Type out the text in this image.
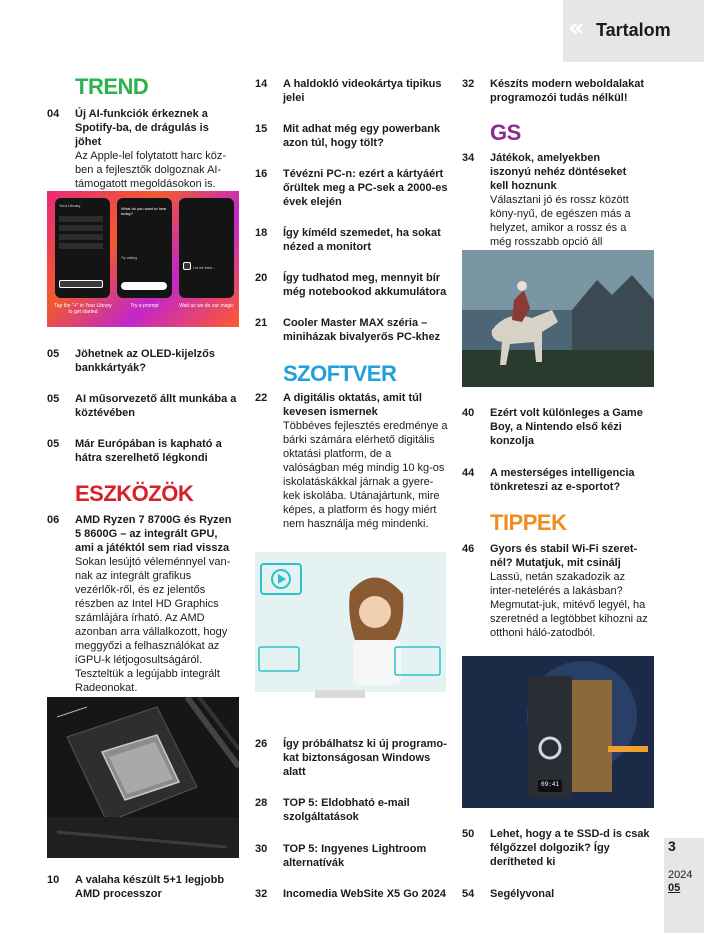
« Tartalom
TREND
ESZKÖZÖK
SZOFTVER
GS
TIPPEK
04 Új AI-funkciók érkeznek a Spotify-ba, de drágulás is jöhet
Az Apple-lel folytatott harc köz-ben a fejlesztők dolgoznak AI-támogatott megoldásokon is.
05 Jöhetnek az OLED-kijelzős bankkártyák?
05 AI műsorvezető állt munkába a köztévében
05 Már Európában is kapható a hátra szerelhető légkondi
06 AMD Ryzen 7 8700G és Ryzen 5 8600G – az integrált GPU, ami a játéktól sem riad vissza
Sokan lesújtó véleménnyel van-nak az integrált grafikus vezérlők-ről, és ez jelentős részben az Intel HD Graphics számlájára írható. Az AMD azonban arra vállalkozott, hogy meggyőzi a felhasználókat az iGPU-k létjogosultságáról. Teszteltük a legújabb integrált Radeonokat.
10 A valaha készült 5+1 legjobb AMD processzor
14 A haldokló videokártya tipikus jelei
15 Mit adhat még egy powerbank azon túl, hogy tölt?
16 Tévézni PC-n: ezért a kártyáért őrültek meg a PC-sek a 2000-es évek elején
18 Így kíméld szemedet, ha sokat nézed a monitort
20 Így tudhatod meg, mennyit bír még notebookod akkumulátora
21 Cooler Master MAX széria – miniházak bivalyerős PC-khez
22 A digitális oktatás, amit túl kevesen ismernek
Többéves fejlesztés eredménye a bárki számára elérhető digitális oktatási platform, de a valóságban még mindig 10 kg-os iskolatáskákkal járnak a gyere-kek iskolába. Utánajártunk, mire képes, a platform és hogy miért nem használja még mindenki.
26 Így próbálhatsz ki új programo-kat biztonságosan Windows alatt
28 TOP 5: Eldobható e-mail szolgáltatások
30 TOP 5: Ingyenes Lightroom alternatívák
32 Incomedia WebSite X5 Go 2024
32 Készíts modern weboldalakat programozói tudás nélkül!
34 Játékok, amelyekben iszonyú nehéz döntéseket kell hoznunk
Választani jó és rossz között köny-nyű, de egészen más a helyzet, amikor a rossz és a még rosszabb opció áll
40 Ezért volt különleges a Game Boy, a Nintendo első kézi konzolja
44 A mesterséges intelligencia tönkreteszi az e-sportot?
46 Gyors és stabil Wi-Fi szeret-nél? Mutatjuk, mit csinálj
Lassú, netán szakadozik az inter-netelérés a lakásban? Megmutat-juk, mitévő legyél, ha szeretnéd a legtöbbet kihozni az otthoni háló-zatodból.
50 Lehet, hogy a te SSD-d is csak félgőzzel dolgozik? Így derítheted ki
54 Segélyvonal
Your Library
What do you want to hear today?
Try asking
Let me think...
Tap the "+" in Your Library to get started
Try a prompt	Wait as we do our magic
09:41
3
2024
05
